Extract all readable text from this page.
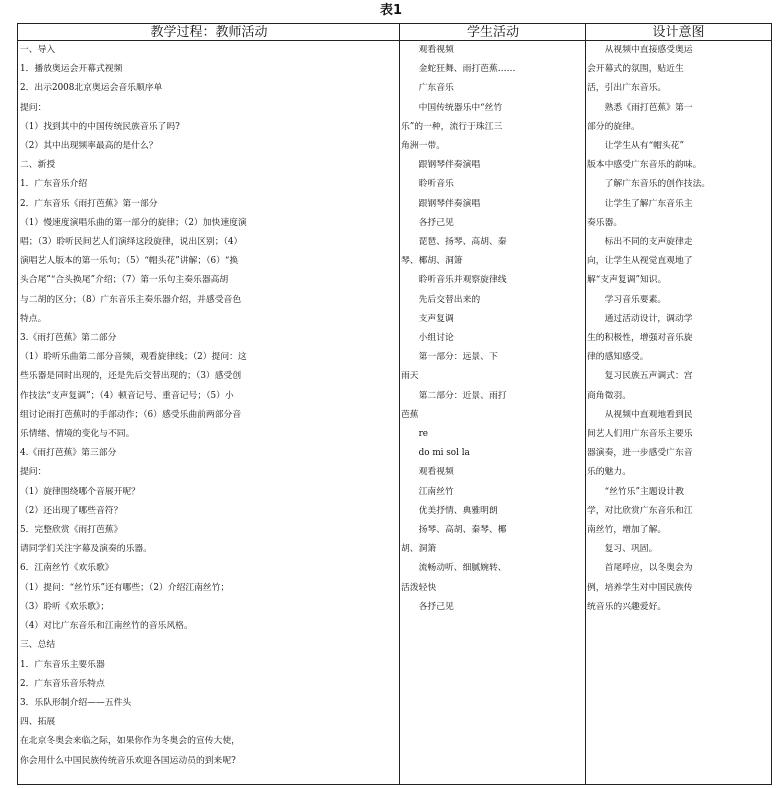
表1
教学过程：教师活动	学生活动	设计意图
一、导入
1．播放奥运会开幕式视频
2．出示2008北京奥运会音乐顺序单
提问：
（1）找到其中的中国传统民族音乐了吗?
（2）其中出现频率最高的是什么？
二、新授
1．广东音乐介绍
2．广东音乐《雨打芭蕉》第一部分
（1）慢速度演唱乐曲的第一部分的旋律；（2）加快速度演
唱；（3）聆听民间艺人们演绎这段旋律，说出区别；（4）
演唱艺人版本的第一乐句；（5）“帽头花”讲解；（6）“换
头合尾”“合头换尾”介绍；（7）第一乐句主奏乐器高胡
与二胡的区分；（8）广东音乐主奏乐器介绍，并感受音色
特点。
3.《雨打芭蕉》第二部分
（1）聆听乐曲第二部分音频，观看旋律线；（2）提问：这
些乐器是同时出现的，还是先后交替出现的；（3）感受创
作技法“支声复调”；（4）顿音记号、重音记号；（5）小
组讨论雨打芭蕉时的手部动作；（6）感受乐曲前两部分音
乐情绪、情境的变化与不同。
4.《雨打芭蕉》第三部分
提问：
（1）旋律围绕哪个音展开呢？
（2）还出现了哪些音符？
5．完整欣赏《雨打芭蕉》
请同学们关注字幕及演奏的乐器。
6．江南丝竹《欢乐歌》
（1）提问：“丝竹乐”还有哪些；（2）介绍江南丝竹；
（3）聆听《欢乐歌》；
（4）对比广东音乐和江南丝竹的音乐风格。
三、总结
1．广东音乐主要乐器
2．广东音乐音乐特点
3．乐队形制介绍——五件头
四、拓展
在北京冬奥会来临之际，如果你作为冬奥会的宣传大使，
你会用什么中国民族传统音乐欢迎各国运动员的到来呢?
　　观看视频
　　金蛇狂舞、雨打芭蕉……
　　广东音乐
　　中国传统器乐中“丝竹
乐”的一种，流行于珠江三
角洲一带。
　　跟钢琴伴奏演唱
　　聆听音乐
　　跟钢琴伴奏演唱
　　各抒己见
　　琵琶、扬琴、高胡、秦
琴、椰胡、洞箫
　　聆听音乐并观察旋律线
　　先后交替出来的
　　支声复调
　　小组讨论
　　第一部分：远景、下
雨天
　　第二部分：近景、雨打
芭蕉
　　re
　　do mi sol la
　　观看视频
　　江南丝竹
　　优美抒情、典雅明朗
　　扬琴、高胡、秦琴、椰
胡、洞箫
　　流畅动听、细腻婉转、
活泼轻快
　　各抒己见
　　从视频中直接感受奥运
会开幕式的氛围，贴近生
活，引出广东音乐。
　　熟悉《雨打芭蕉》第一
部分的旋律。
　　让学生从有“帽头花”
版本中感受广东音乐的韵味。
　　了解广东音乐的创作技法。
　　让学生了解广东音乐主
奏乐器。
　　标出不同的支声旋律走
向，让学生从视觉直观地了
解“支声复调”知识。
　　学习音乐要素。
　　通过活动设计，调动学
生的积极性，增强对音乐旋
律的感知感受。
　　复习民族五声调式：宫
商角徵羽。
　　从视频中直观地看到民
间艺人们用广东音乐主要乐
器演奏，进一步感受广东音
乐的魅力。
　　“丝竹乐”主题设计教
学，对比欣赏广东音乐和江
南丝竹，增加了解。
　　复习、巩固。
　　首尾呼应，以冬奥会为
例，培养学生对中国民族传
统音乐的兴趣爱好。
